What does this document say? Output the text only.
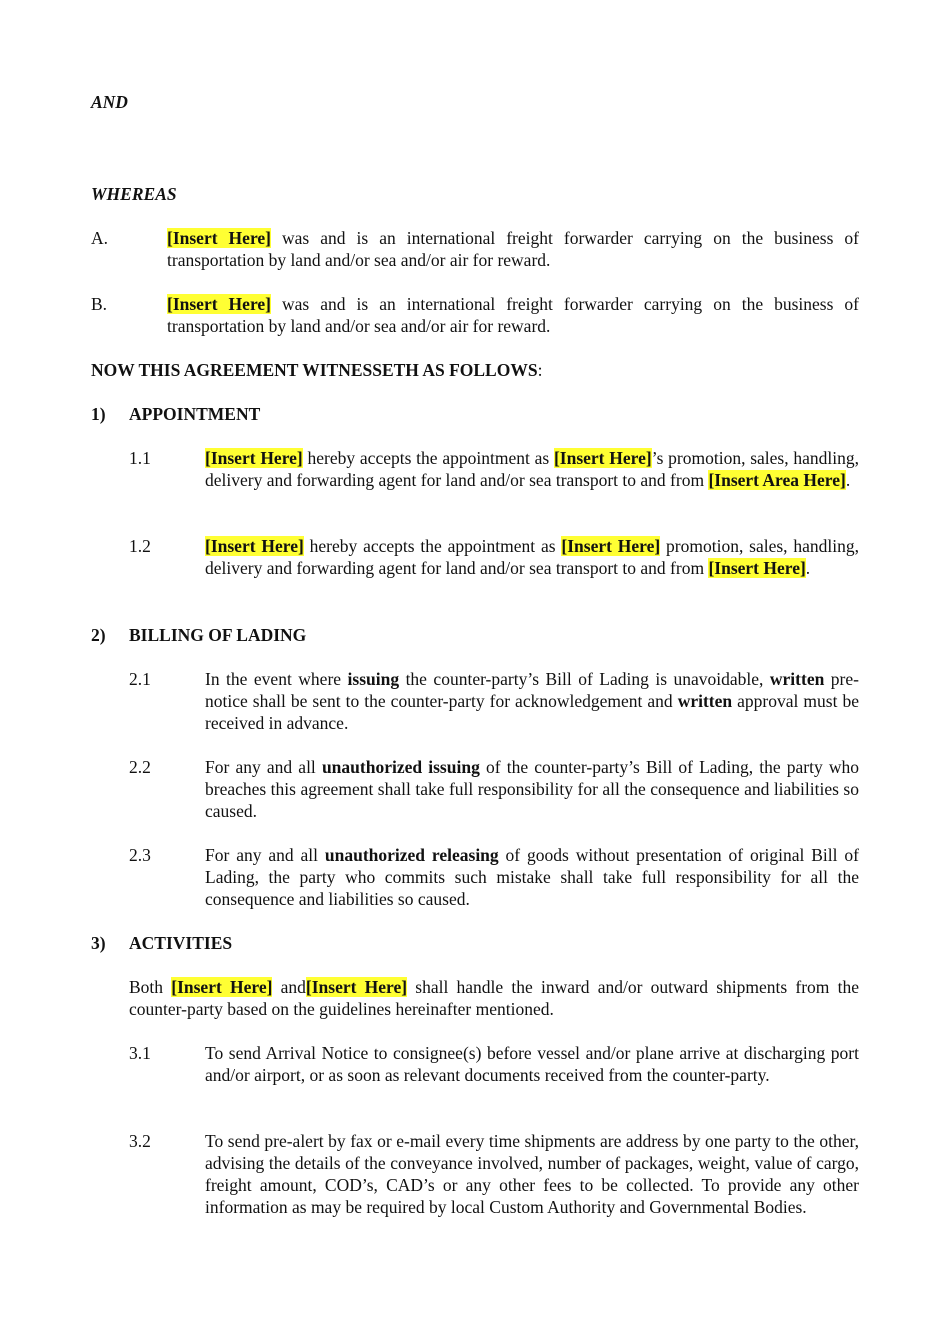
AND
WHEREAS
A.	[Insert Here] was and is an international freight forwarder carrying on the business of transportation by land and/or sea and/or air for reward.
B.	[Insert Here] was and is an international freight forwarder carrying on the business of transportation by land and/or sea and/or air for reward.
NOW THIS AGREEMENT WITNESSETH AS FOLLOWS:
1) APPOINTMENT
1.1	[Insert Here] hereby accepts the appointment as [Insert Here]’s promotion, sales, handling, delivery and forwarding agent for land and/or sea transport to and from [Insert Area Here].
1.2	[Insert Here] hereby accepts the appointment as [Insert Here] promotion, sales, handling, delivery and forwarding agent for land and/or sea transport to and from [Insert Here].
2) BILLING OF LADING
2.1	In the event where issuing the counter-party’s Bill of Lading is unavoidable, written pre-notice shall be sent to the counter-party for acknowledgement and written approval must be received in advance.
2.2	For any and all unauthorized issuing of the counter-party’s Bill of Lading, the party who breaches this agreement shall take full responsibility for all the consequence and liabilities so caused.
2.3	For any and all unauthorized releasing of goods without presentation of original Bill of Lading, the party who commits such mistake shall take full responsibility for all the consequence and liabilities so caused.
3) ACTIVITIES
Both [Insert Here] and[Insert Here] shall handle the inward and/or outward shipments from the counter-party based on the guidelines hereinafter mentioned.
3.1	To send Arrival Notice to consignee(s) before vessel and/or plane arrive at discharging port and/or airport, or as soon as relevant documents received from the counter-party.
3.2	To send pre-alert by fax or e-mail every time shipments are address by one party to the other, advising the details of the conveyance involved, number of packages, weight, value of cargo, freight amount, COD’s, CAD’s or any other fees to be collected. To provide any other information as may be required by local Custom Authority and Governmental Bodies.
